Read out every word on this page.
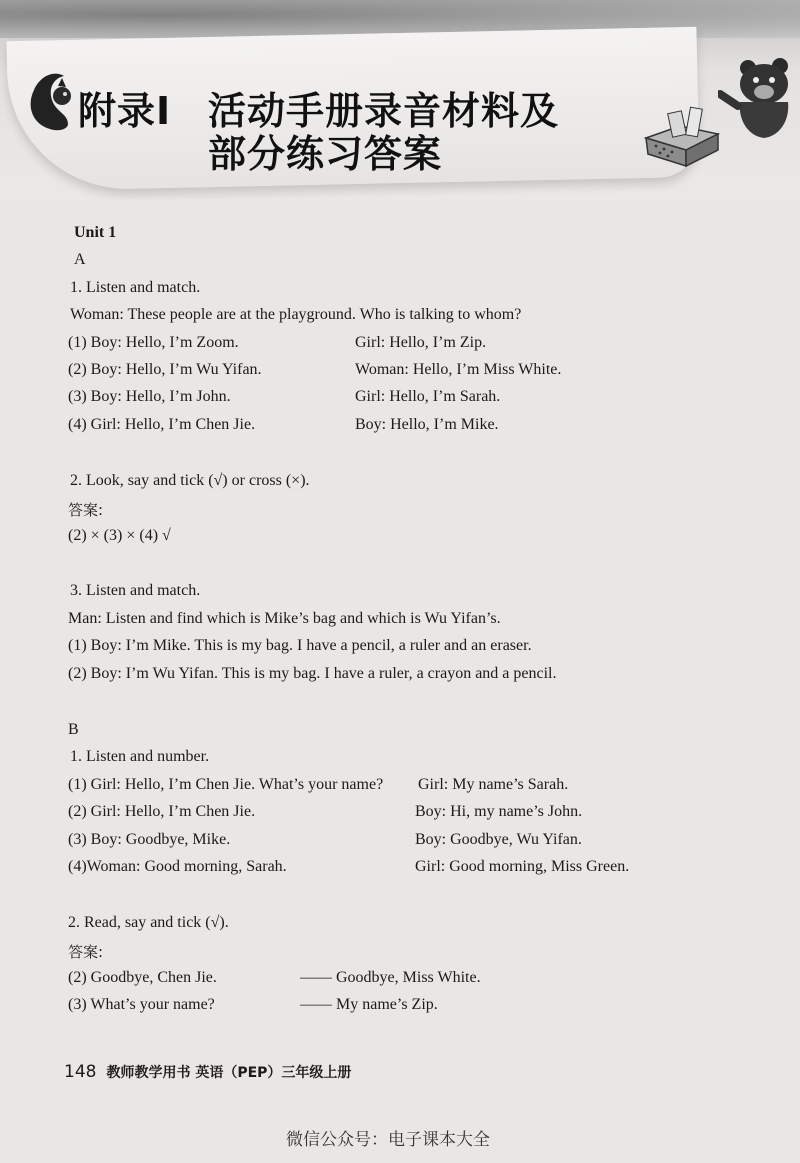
附录Ⅰ 活动手册录音材料及
部分练习答案
Unit 1
A
1. Listen and match.
Woman: These people are at the playground. Who is talking to whom?
(1) Boy: Hello, I’m Zoom.	Girl: Hello, I’m Zip.
(2) Boy: Hello, I’m Wu Yifan.	Woman: Hello, I’m Miss White.
(3) Boy: Hello, I’m John.	Girl: Hello, I’m Sarah.
(4) Girl: Hello, I’m Chen Jie.	Boy: Hello, I’m Mike.
2. Look, say and tick (√) or cross (×).
答案:
(2) × (3) × (4) √
3. Listen and match.
Man: Listen and find which is Mike’s bag and which is Wu Yifan’s.
(1) Boy: I’m Mike. This is my bag. I have a pencil, a ruler and an eraser.
(2) Boy: I’m Wu Yifan. This is my bag. I have a ruler, a crayon and a pencil.
B
1. Listen and number.
(1) Girl: Hello, I’m Chen Jie. What’s your name? Girl: My name’s Sarah.
(2) Girl: Hello, I’m Chen Jie.	Boy: Hi, my name’s John.
(3) Boy: Goodbye, Mike.	Boy: Goodbye, Wu Yifan.
(4)Woman: Good morning, Sarah.	Girl: Good morning, Miss Green.
2. Read, say and tick (√).
答案:
(2) Goodbye, Chen Jie.	—— Goodbye, Miss White.
(3) What’s your name?	—— My name’s Zip.
148 教师教学用书 英语（PEP）三年级上册
微信公众号：电子课本大全
